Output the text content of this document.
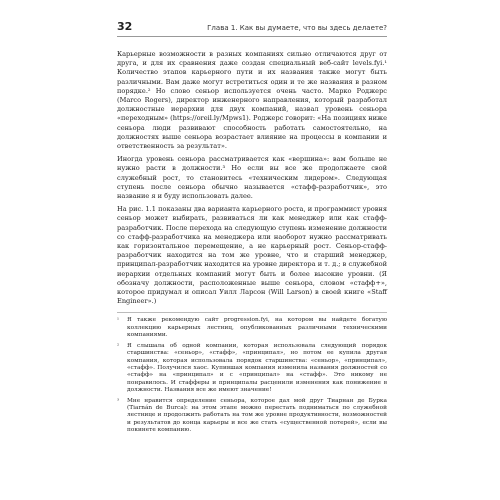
32	Глава 1. Как вы думаете, что вы здесь делаете?

Карьерные возможности в разных компаниях сильно отличаются друг от друга, и для их сравнения даже создан специальный веб-сайт levels.fyi.¹ Количество этапов карьерного пути и их названия также могут быть различными. Вам даже могут встретиться один и те же названия в разном порядке.² Но слово сеньор используется очень часто. Марко Роджерс (Marco Rogers), директор инженерного направления, который разработал должностные иерархии для двух компаний, назвал уровень сеньора «переходным» (https://oreil.ly/Mpws1). Роджерс говорит: «На позициях ниже сеньора люди развивают способность работать самостоятельно, на должностях выше сеньора возрастает влияние на процессы в компании и ответственность за результат».

Иногда уровень сеньора рассматривается как «вершина»: вам больше не нужно расти в должности.³ Но если вы все же продолжаете свой служебный рост, то становитесь «техническим лидером». Следующая ступень после сеньора обычно называется «стафф-разработчик», это название я и буду использовать далее.

На рис. 1.1 показаны два варианта карьерного роста, и программист уровня сеньор может выбирать, развиваться ли как менеджер или как стафф-разработчик. После перехода на следующую ступень изменение должности со стафф-разработчика на менеджера или наоборот нужно рассматривать как горизонтальное перемещение, а не карьерный рост. Сеньор-стафф-разработчик находится на том же уровне, что и старший менеджер, принципал-разработчик находится на уровне директора и т. д.; в служебной иерархии отдельных компаний могут быть и более высокие уровни. (Я обозначу должности, расположенные выше сеньора, словом «стафф+», которое придумал и описал Уилл Ларсон (Will Larson) в своей книге «Staff Engineer».)

¹	Я также рекомендую сайт progression.fyi, на котором вы найдете богатую коллекцию карьерных лестниц, опубликованных различными техническими компаниями.
²	Я слышала об одной компании, которая использовала следующий порядок старшинства: «сеньор», «стафф», «принципал», но потом ее купила другая компания, которая использовала порядок старшинства: «сеньор», «принципал», «стафф». Получился хаос. Купившая компания изменила названия должностей со «стафф» на «принципал» и с «принципал» на «стафф». Это никому не понравилось. И стафферы и принципалы расценили изменения как понижение в должности. Названия все же имеют значение!
³	Мне нравится определение сеньора, которое дал мой друг Тиарнан де Бурка (Tiarnán de Burca): на этом этапе можно перестать подниматься по служебной лестнице и продолжить работать на том же уровне продуктивности, возможностей и результатов до конца карьеры и все же стать «существенной потерей», если вы покинете компанию.
